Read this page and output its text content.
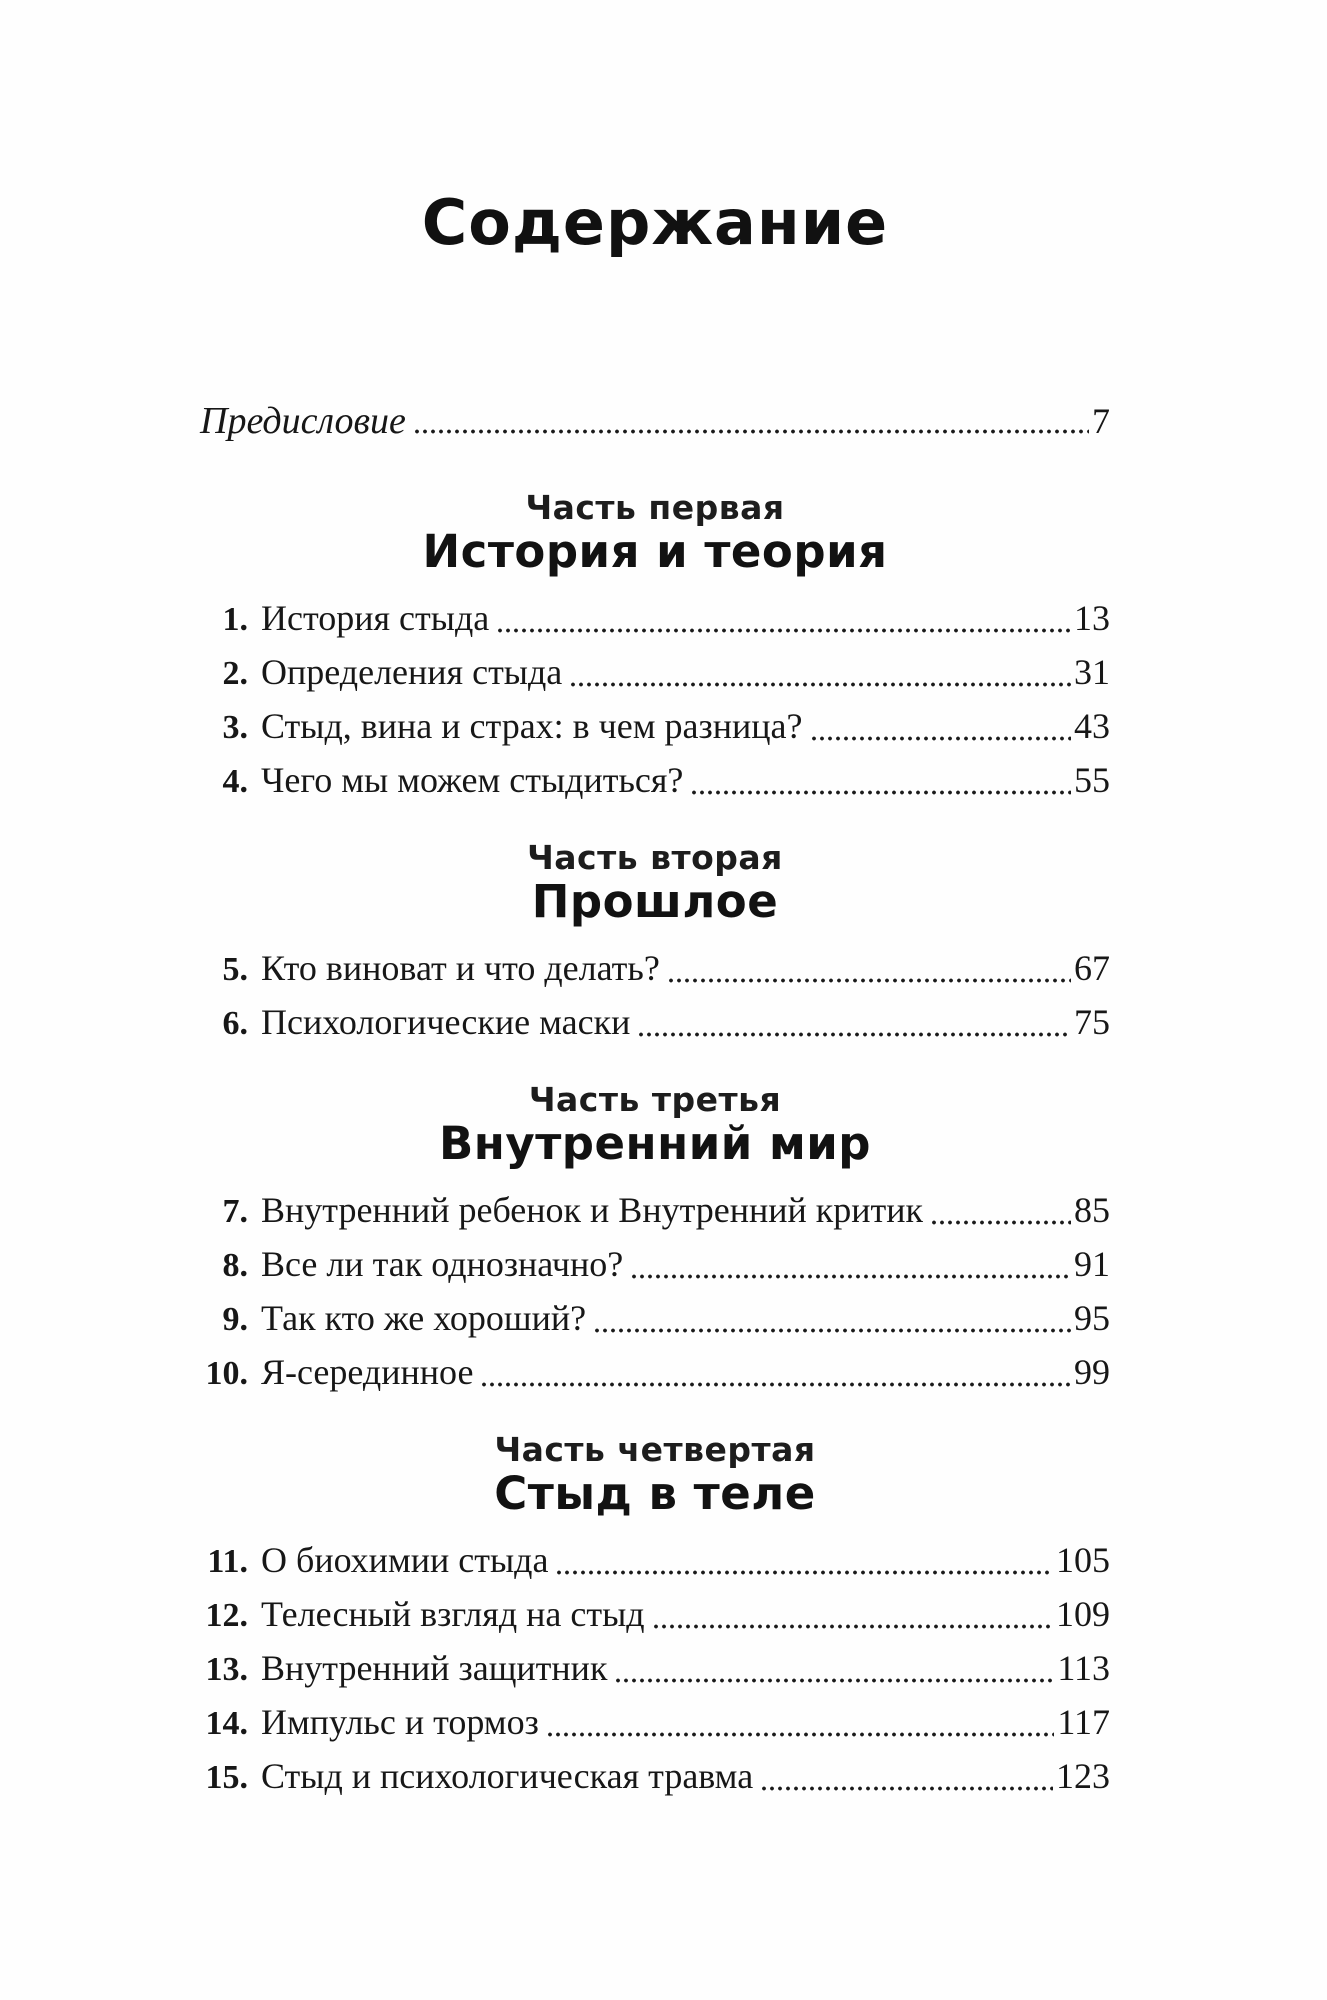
Содержание
Предисловие	7
Часть первая
История и теория
1. История стыда	13
2. Определения стыда	31
3. Стыд, вина и страх: в чем разница?	43
4. Чего мы можем стыдиться?	55
Часть вторая
Прошлое
5. Кто виноват и что делать?	67
6. Психологические маски	75
Часть третья
Внутренний мир
7. Внутренний ребенок и Внутренний критик	85
8. Все ли так однозначно?	91
9. Так кто же хороший?	95
10. Я-серединное	99
Часть четвертая
Стыд в теле
11. О биохимии стыда	105
12. Телесный взгляд на стыд	109
13. Внутренний защитник	113
14. Импульс и тормоз	117
15. Стыд и психологическая травма	123
